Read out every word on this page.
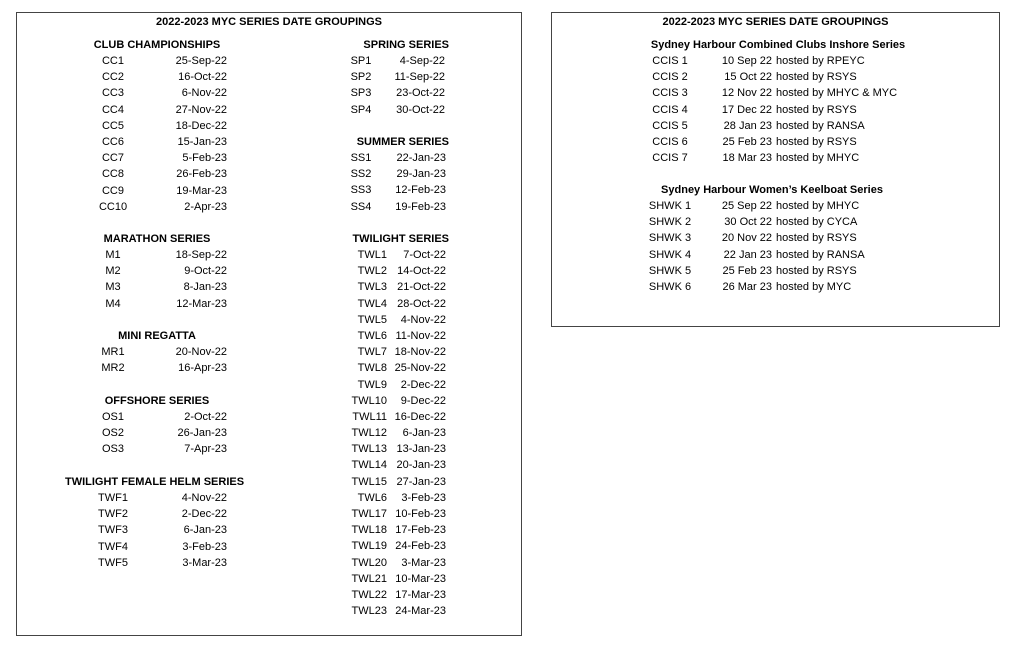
2022-2023 MYC SERIES DATE GROUPINGS
CLUB CHAMPIONSHIPS
CC1	25-Sep-22
CC2	16-Oct-22
CC3	6-Nov-22
CC4	27-Nov-22
CC5	18-Dec-22
CC6	15-Jan-23
CC7	5-Feb-23
CC8	26-Feb-23
CC9	19-Mar-23
CC10	2-Apr-23
MARATHON SERIES
M1	18-Sep-22
M2	9-Oct-22
M3	8-Jan-23
M4	12-Mar-23
MINI REGATTA
MR1	20-Nov-22
MR2	16-Apr-23
OFFSHORE SERIES
OS1	2-Oct-22
OS2	26-Jan-23
OS3	7-Apr-23
TWILIGHT FEMALE HELM SERIES
TWF1	4-Nov-22
TWF2	2-Dec-22
TWF3	6-Jan-23
TWF4	3-Feb-23
TWF5	3-Mar-23
SPRING SERIES
SP1	4-Sep-22
SP2	11-Sep-22
SP3	23-Oct-22
SP4	30-Oct-22
SUMMER SERIES
SS1	22-Jan-23
SS2	29-Jan-23
SS3	12-Feb-23
SS4	19-Feb-23
TWILIGHT SERIES
TWL1	7-Oct-22
TWL2 14-Oct-22
TWL3 21-Oct-22
TWL4 28-Oct-22
TWL5	4-Nov-22
TWL6 11-Nov-22
TWL7 18-Nov-22
TWL8 25-Nov-22
TWL9	2-Dec-22
TWL10	9-Dec-22
TWL11 16-Dec-22
TWL12	6-Jan-23
TWL13 13-Jan-23
TWL14 20-Jan-23
TWL15 27-Jan-23
TWL6	3-Feb-23
TWL17 10-Feb-23
TWL18 17-Feb-23
TWL19 24-Feb-23
TWL20	3-Mar-23
TWL21 10-Mar-23
TWL22 17-Mar-23
TWL23 24-Mar-23
2022-2023 MYC SERIES DATE GROUPINGS
Sydney Harbour Combined Clubs Inshore Series
CCIS 1	10 Sep 22 hosted by RPEYC
CCIS 2	15 Oct 22 hosted by RSYS
CCIS 3	12 Nov 22 hosted by MHYC & MYC
CCIS 4	17 Dec 22 hosted by RSYS
CCIS 5	28 Jan 23 hosted by RANSA
CCIS 6	25 Feb 23 hosted by RSYS
CCIS 7	18 Mar 23 hosted by MHYC
Sydney Harbour Women’s Keelboat Series
SHWK 1	25 Sep 22 hosted by MHYC
SHWK 2	30 Oct 22 hosted by CYCA
SHWK 3	20 Nov 22 hosted by RSYS
SHWK 4	22 Jan 23 hosted by RANSA
SHWK 5	25 Feb 23 hosted by RSYS
SHWK 6	26 Mar 23 hosted by MYC
